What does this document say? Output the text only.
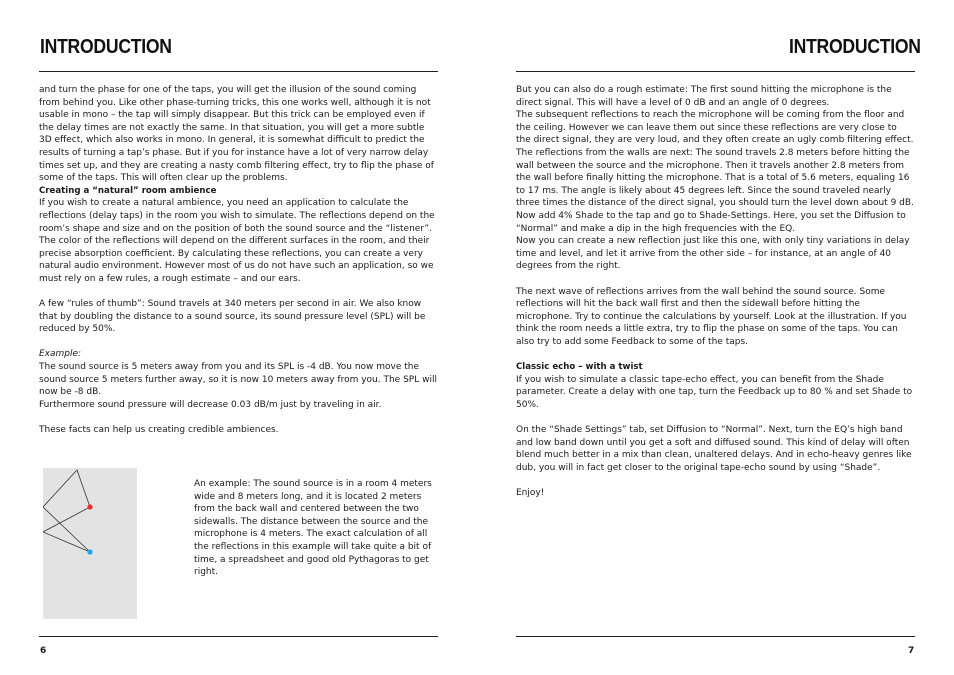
INTRODUCTION

and turn the phase for one of the taps, you will get the illusion of the sound coming from behind you. Like other phase-turning tricks, this one works well, although it is not usable in mono – the tap will simply disappear. But this trick can be employed even if the delay times are not exactly the same. In that situation, you will get a more subtle 3D effect, which also works in mono. In general, it is somewhat difficult to predict the results of turning a tap’s phase. But if you for instance have a lot of very narrow delay times set up, and they are creating a nasty comb filtering effect, try to flip the phase of some of the taps. This will often clear up the problems.

Creating a “natural” room ambience

If you wish to create a natural ambience, you need an application to calculate the reflections (delay taps) in the room you wish to simulate. The reflections depend on the room’s shape and size and on the position of both the sound source and the “listener”. The color of the reflections will depend on the different surfaces in the room, and their precise absorption coefficient. By calculating these reflections, you can create a very natural audio environment. However most of us do not have such an application, so we must rely on a few rules, a rough estimate – and our ears.

A few “rules of thumb”: Sound travels at 340 meters per second in air. We also know that by doubling the distance to a sound source, its sound pressure level (SPL) will be reduced by 50%.

Example:

The sound source is 5 meters away from you and its SPL is -4 dB. You now move the sound source 5 meters further away, so it is now 10 meters away from you. The SPL will now be -8 dB.

Furthermore sound pressure will decrease 0.03 dB/m just by traveling in air.

These facts can help us creating credible ambiences.

An example: The sound source is in a room 4 meters wide and 8 meters long, and it is located 2 meters from the back wall and centered between the two sidewalls. The distance between the source and the microphone is 4 meters. The exact calculation of all the reflections in this example will take quite a bit of time, a spreadsheet and good old Pythagoras to get right.

6
INTRODUCTION

But you can also do a rough estimate: The first sound hitting the microphone is the direct signal. This will have a level of 0 dB and an angle of 0 degrees.

The subsequent reflections to reach the microphone will be coming from the floor and the ceiling. However we can leave them out since these reflections are very close to the direct signal, they are very loud, and they often create an ugly comb filtering effect. The reflections from the walls are next: The sound travels 2.8 meters before hitting the wall between the source and the microphone. Then it travels another 2.8 meters from the wall before finally hitting the microphone. That is a total of 5.6 meters, equaling 16 to 17 ms. The angle is likely about 45 degrees left. Since the sound traveled nearly three times the distance of the direct signal, you should turn the level down about 9 dB. Now add 4% Shade to the tap and go to Shade-Settings. Here, you set the Diffusion to “Normal” and make a dip in the high frequencies with the EQ.

Now you can create a new reflection just like this one, with only tiny variations in delay time and level, and let it arrive from the other side – for instance, at an angle of 40 degrees from the right.

The next wave of reflections arrives from the wall behind the sound source. Some reflections will hit the back wall first and then the sidewall before hitting the microphone. Try to continue the calculations by yourself. Look at the illustration. If you think the room needs a little extra, try to flip the phase on some of the taps. You can also try to add some Feedback to some of the taps.

Classic echo – with a twist

If you wish to simulate a classic tape-echo effect, you can benefit from the Shade parameter. Create a delay with one tap, turn the Feedback up to 80 % and set Shade to 50%.

On the “Shade Settings” tab, set Diffusion to “Normal”. Next, turn the EQ’s high band and low band down until you get a soft and diffused sound. This kind of delay will often blend much better in a mix than clean, unaltered delays. And in echo-heavy genres like dub, you will in fact get closer to the original tape-echo sound by using “Shade”.

Enjoy!

7
